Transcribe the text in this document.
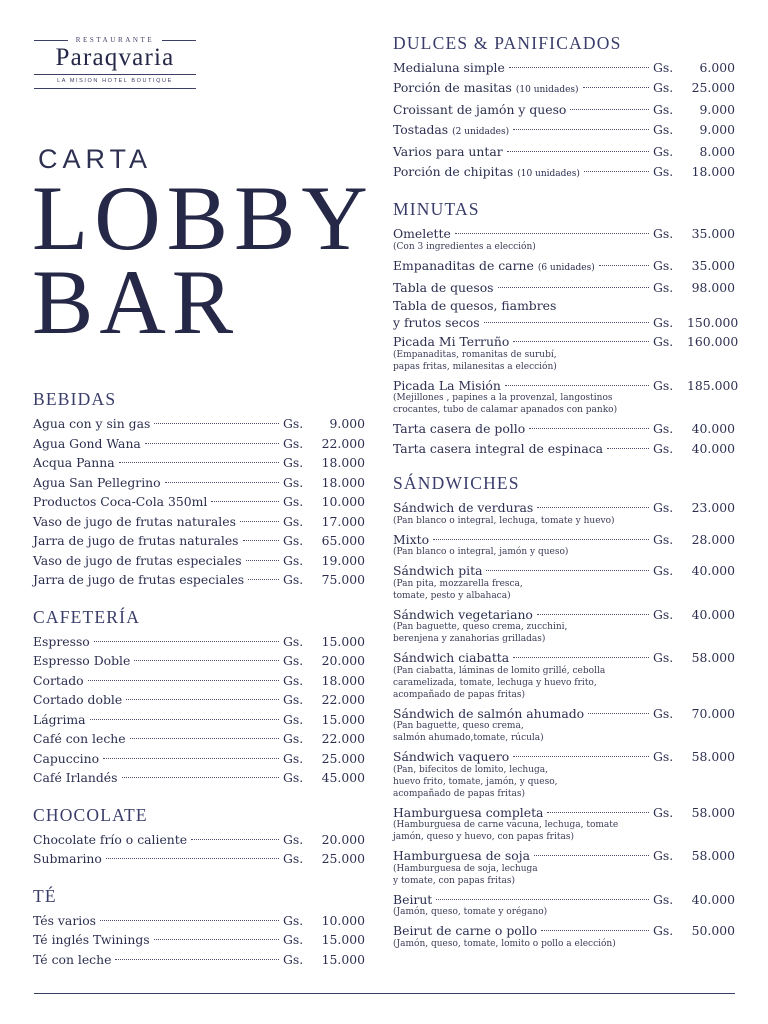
RESTAURANTE
Paraqvaria
LA MISION HOTEL BOUTIQUE
CARTA
LOBBY
BAR
BEBIDAS
Agua con y sin gas	Gs.	9.000
Agua Gond Wana	Gs.	22.000
Acqua Panna	Gs.	18.000
Agua San Pellegrino	Gs.	18.000
Productos Coca-Cola 350ml	Gs.	10.000
Vaso de jugo de frutas naturales	Gs.	17.000
Jarra de jugo de frutas naturales	Gs.	65.000
Vaso de jugo de frutas especiales	Gs.	19.000
Jarra de jugo de frutas especiales	Gs.	75.000
CAFETERÍA
Espresso	Gs.	15.000
Espresso Doble	Gs.	20.000
Cortado	Gs.	18.000
Cortado doble	Gs.	22.000
Lágrima	Gs.	15.000
Café con leche	Gs.	22.000
Capuccino	Gs.	25.000
Café Irlandés	Gs.	45.000
CHOCOLATE
Chocolate frío o caliente	Gs.	20.000
Submarino	Gs.	25.000
TÉ
Tés varios	Gs.	10.000
Té inglés Twinings	Gs.	15.000
Té con leche	Gs.	15.000
DULCES & PANIFICADOS
Medialuna simple	Gs.	6.000
Porción de masitas (10 unidades)	Gs.	25.000
Croissant de jamón y queso	Gs.	9.000
Tostadas (2 unidades)	Gs.	9.000
Varios para untar	Gs.	8.000
Porción de chipitas (10 unidades)	Gs.	18.000
MINUTAS
Omelette	Gs.	35.000
(Con 3 ingredientes a elección)
Empanaditas de carne (6 unidades)	Gs.	35.000
Tabla de quesos	Gs.	98.000
Tabla de quesos, fiambres
y frutos secos	Gs.	150.000
Picada Mi Terruño	Gs.	160.000
(Empanaditas, romanitas de surubí,
papas fritas, milanesitas a elección)
Picada La Misión	Gs.	185.000
(Mejillones , papines a la provenzal, langostinos
crocantes, tubo de calamar apanados con panko)
Tarta casera de pollo	Gs.	40.000
Tarta casera integral de espinaca	Gs.	40.000
SÁNDWICHES
Sándwich de verduras	Gs.	23.000
(Pan blanco o integral, lechuga, tomate y huevo)
Mixto	Gs.	28.000
(Pan blanco o integral, jamón y queso)
Sándwich pita	Gs.	40.000
(Pan pita, mozzarella fresca,
tomate, pesto y albahaca)
Sándwich vegetariano	Gs.	40.000
(Pan baguette, queso crema, zucchini,
berenjena y zanahorias grilladas)
Sándwich ciabatta	Gs.	58.000
(Pan ciabatta, láminas de lomito grillé, cebolla
caramelizada, tomate, lechuga y huevo frito,
acompañado de papas fritas)
Sándwich de salmón ahumado	Gs.	70.000
(Pan baguette, queso crema,
salmón ahumado,tomate, rúcula)
Sándwich vaquero	Gs.	58.000
(Pan, bifecitos de lomito, lechuga,
huevo frito, tomate, jamón, y queso,
acompañado de papas fritas)
Hamburguesa completa	Gs.	58.000
(Hamburguesa de carne vacuna, lechuga, tomate
jamón, queso y huevo, con papas fritas)
Hamburguesa de soja	Gs.	58.000
(Hamburguesa de soja, lechuga
y tomate, con papas fritas)
Beirut	Gs.	40.000
(Jamón, queso, tomate y orégano)
Beirut de carne o pollo	Gs.	50.000
(Jamón, queso, tomate, lomito o pollo a elección)
